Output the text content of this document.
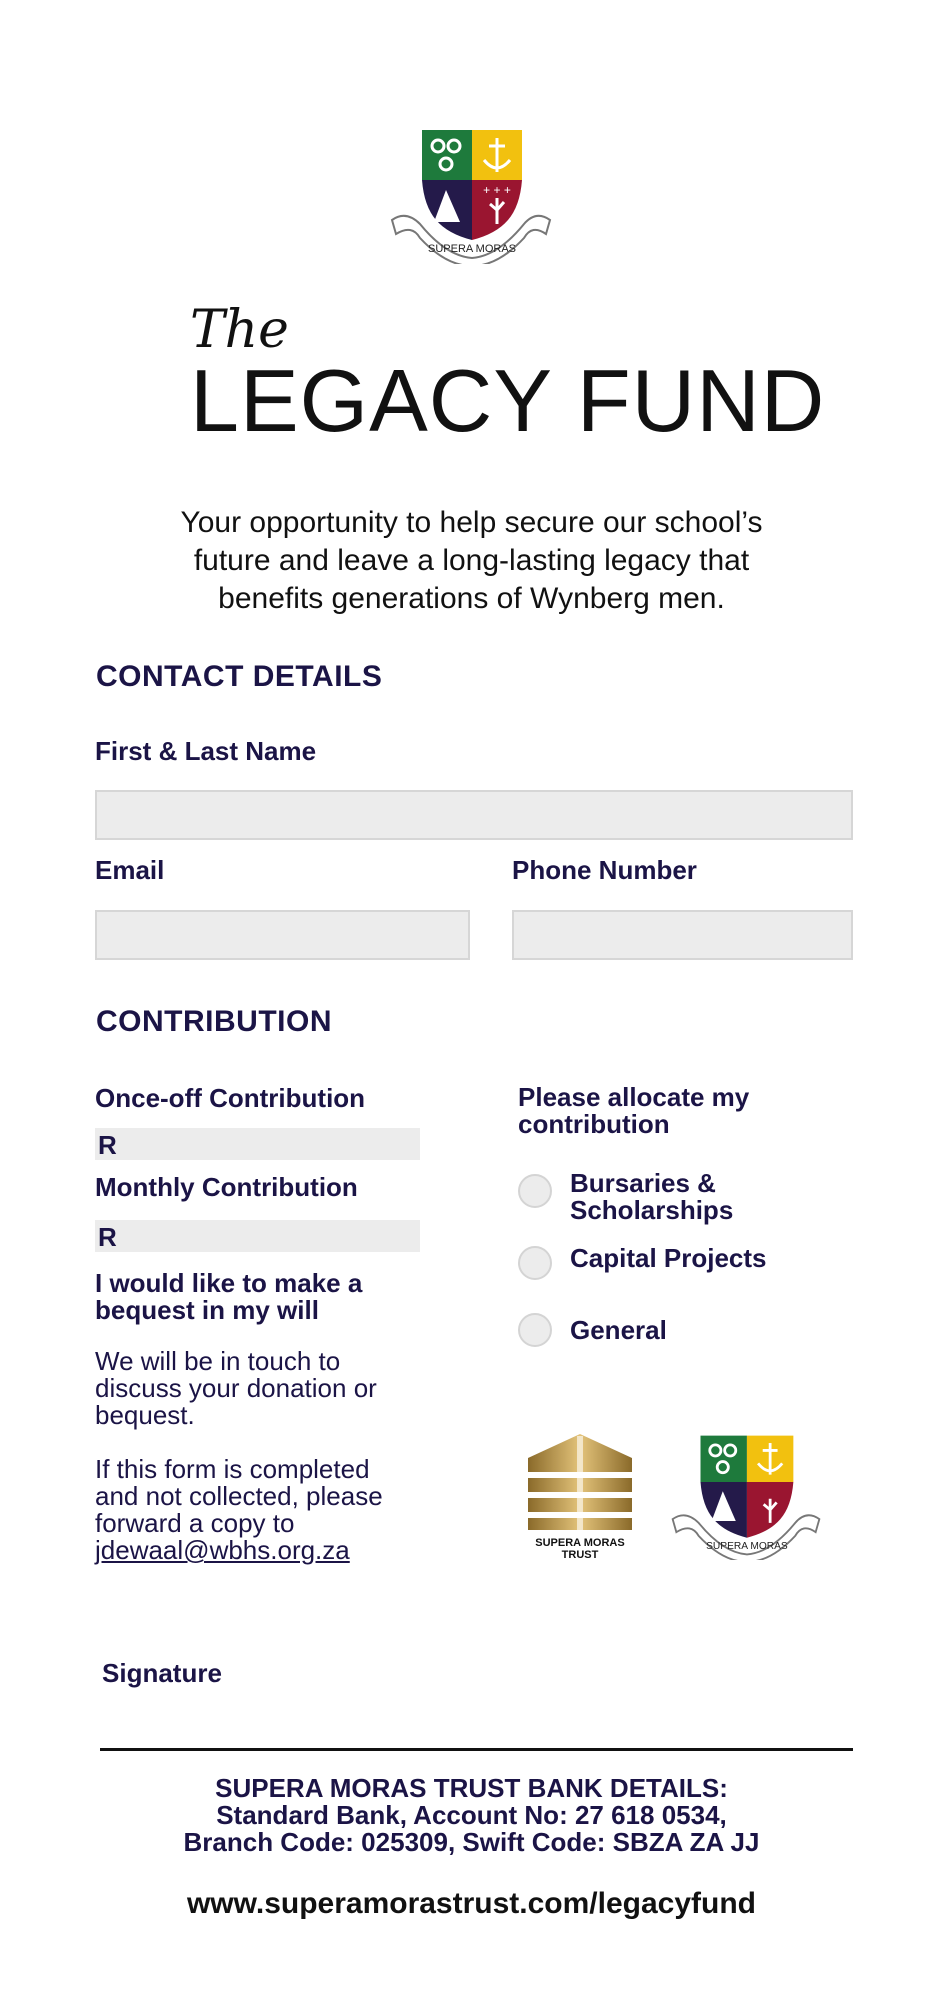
+ + +
SUPERA MORAS
The
LEGACY FUND
Your opportunity to help secure our school’s
future and leave a long-lasting legacy that
benefits generations of Wynberg men.
CONTACT DETAILS
First & Last Name
Email	Phone Number
CONTRIBUTION
Once-off Contribution
R
Monthly Contribution
R
I would like to make a
bequest in my will
We will be in touch to
discuss your donation or
bequest.
If this form is completed
and not collected, please
forward a copy to
jdewaal@wbhs.org.za
Please allocate my
contribution
Bursaries &
Scholarships
Capital Projects
General
SUPERA MORAS
TRUST
SUPERA MORAS
Signature
SUPERA MORAS TRUST BANK DETAILS:
Standard Bank, Account No: 27 618 0534,
Branch Code: 025309, Swift Code: SBZA ZA JJ
www.superamorastrust.com/legacyfund
